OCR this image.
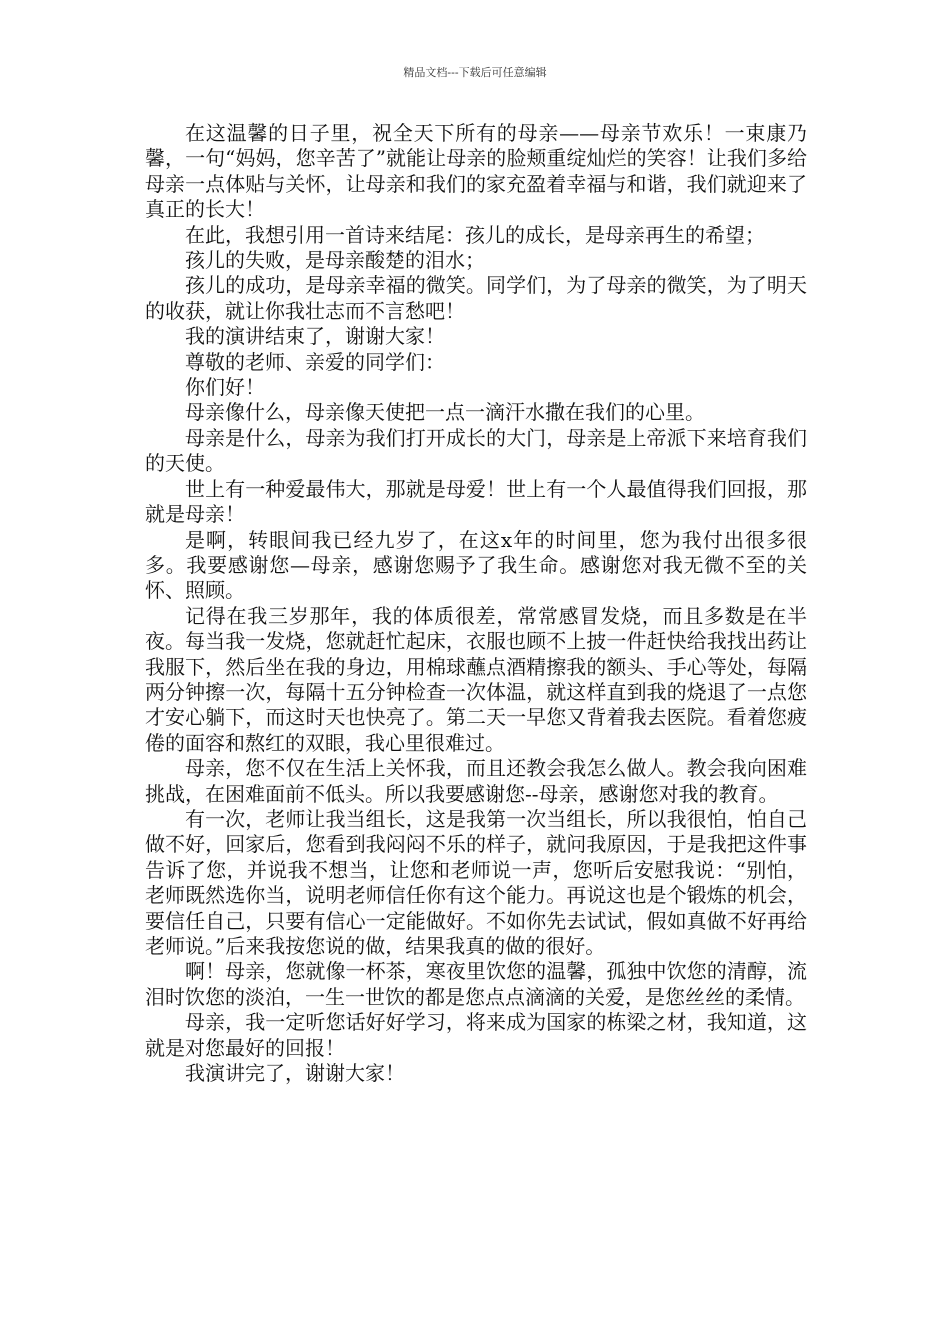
精品文档---下载后可任意编辑

在这温馨的日子里，祝全天下所有的母亲——母亲节欢乐！一束康乃馨，一句“妈妈，您辛苦了”就能让母亲的脸颊重绽灿烂的笑容！让我们多给母亲一点体贴与关怀，让母亲和我们的家充盈着幸福与和谐，我们就迎来了真正的长大！

在此，我想引用一首诗来结尾：孩儿的成长，是母亲再生的希望；

孩儿的失败，是母亲酸楚的泪水；

孩儿的成功，是母亲幸福的微笑。同学们，为了母亲的微笑，为了明天的收获，就让你我壮志而不言愁吧！

我的演讲结束了，谢谢大家！

尊敬的老师、亲爱的同学们：

你们好！

母亲像什么，母亲像天使把一点一滴汗水撒在我们的心里。

母亲是什么，母亲为我们打开成长的大门，母亲是上帝派下来培育我们的天使。

世上有一种爱最伟大，那就是母爱！世上有一个人最值得我们回报，那就是母亲！

是啊，转眼间我已经九岁了，在这x年的时间里，您为我付出很多很多。我要感谢您—母亲，感谢您赐予了我生命。感谢您对我无微不至的关怀、照顾。

记得在我三岁那年，我的体质很差，常常感冒发烧，而且多数是在半夜。每当我一发烧，您就赶忙起床，衣服也顾不上披一件赶快给我找出药让我服下，然后坐在我的身边，用棉球蘸点酒精擦我的额头、手心等处，每隔两分钟擦一次，每隔十五分钟检查一次体温，就这样直到我的烧退了一点您才安心躺下，而这时天也快亮了。第二天一早您又背着我去医院。看着您疲倦的面容和熬红的双眼，我心里很难过。

母亲，您不仅在生活上关怀我，而且还教会我怎么做人。教会我向困难挑战，在困难面前不低头。所以我要感谢您--母亲，感谢您对我的教育。

有一次，老师让我当组长，这是我第一次当组长，所以我很怕，怕自己做不好，回家后，您看到我闷闷不乐的样子，就问我原因，于是我把这件事告诉了您，并说我不想当，让您和老师说一声，您听后安慰我说：“别怕，老师既然选你当，说明老师信任你有这个能力。再说这也是个锻炼的机会，要信任自己，只要有信心一定能做好。不如你先去试试，假如真做不好再给老师说。”后来我按您说的做，结果我真的做的很好。

啊！母亲，您就像一杯茶，寒夜里饮您的温馨，孤独中饮您的清醇，流泪时饮您的淡泊，一生一世饮的都是您点点滴滴的关爱，是您丝丝的柔情。

母亲，我一定听您话好好学习，将来成为国家的栋梁之材，我知道，这就是对您最好的回报！

我演讲完了，谢谢大家！
